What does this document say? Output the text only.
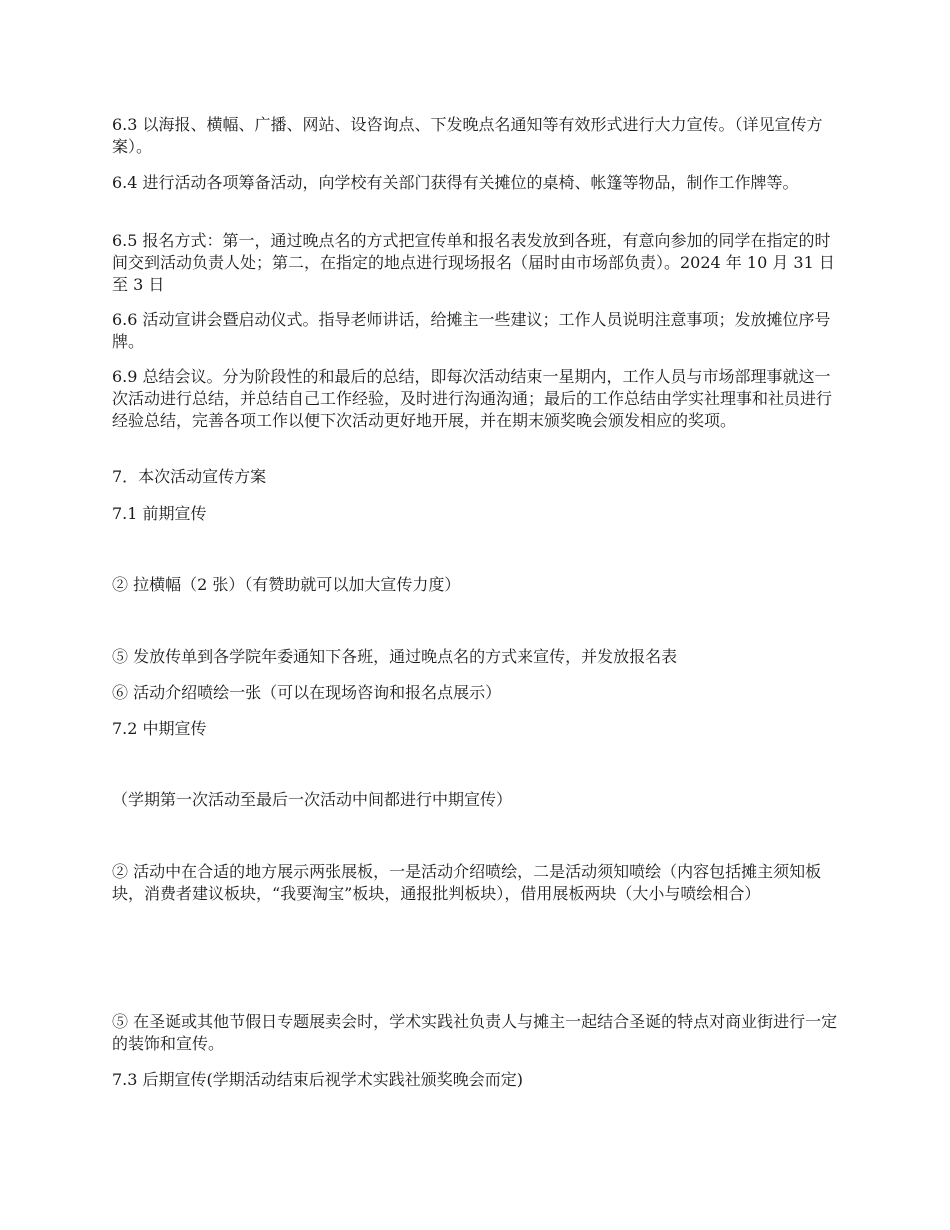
6.3 以海报、横幅、广播、网站、设咨询点、下发晚点名通知等有效形式进行大力宣传。（详见宣传方案）。

6.4 进行活动各项筹备活动，向学校有关部门获得有关摊位的桌椅、帐篷等物品，制作工作牌等。

6.5 报名方式：第一，通过晚点名的方式把宣传单和报名表发放到各班，有意向参加的同学在指定的时间交到活动负责人处；第二，在指定的地点进行现场报名（届时由市场部负责）。2024 年 10 月 31 日至 3 日

6.6 活动宣讲会暨启动仪式。指导老师讲话，给摊主一些建议；工作人员说明注意事项；发放摊位序号牌。

6.9 总结会议。分为阶段性的和最后的总结，即每次活动结束一星期内，工作人员与市场部理事就这一次活动进行总结，并总结自己工作经验，及时进行沟通沟通；最后的工作总结由学实社理事和社员进行经验总结，完善各项工作以便下次活动更好地开展，并在期末颁奖晚会颁发相应的奖项。

7．本次活动宣传方案

7.1 前期宣传

② 拉横幅（2 张）（有赞助就可以加大宣传力度）

⑤ 发放传单到各学院年委通知下各班，通过晚点名的方式来宣传，并发放报名表

⑥ 活动介绍喷绘一张（可以在现场咨询和报名点展示）

7.2 中期宣传

（学期第一次活动至最后一次活动中间都进行中期宣传）

② 活动中在合适的地方展示两张展板，一是活动介绍喷绘，二是活动须知喷绘（内容包括摊主须知板块，消费者建议板块，“我要淘宝”板块，通报批判板块），借用展板两块（大小与喷绘相合）

⑤ 在圣诞或其他节假日专题展卖会时，学术实践社负责人与摊主一起结合圣诞的特点对商业街进行一定的装饰和宣传。

7.3 后期宣传(学期活动结束后视学术实践社颁奖晚会而定)
